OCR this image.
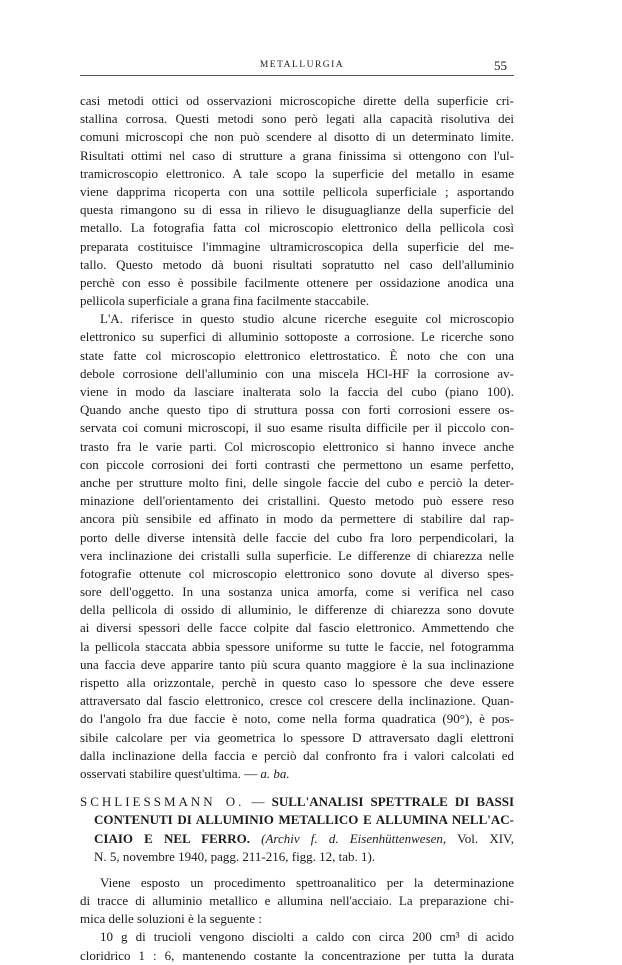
METALLURGIA	55
casi metodi ottici od osservazioni microscopiche dirette della superficie cri-
stallina corrosa. Questi metodi sono però legati alla capacità risolutiva dei
comuni microscopi che non può scendere al disotto di un determinato limite.
Risultati ottimi nel caso di strutture a grana finissima si ottengono con l'ul-
tramicroscopio elettronico. A tale scopo la superficie del metallo in esame
viene dapprima ricoperta con una sottile pellicola superficiale ; asportando
questa rimangono su di essa in rilievo le disuguaglianze della superficie del
metallo. La fotografia fatta col microscopio elettronico della pellicola così
preparata costituisce l'immagine ultramicroscopica della superficie del me-
tallo. Questo metodo dà buoni risultati sopratutto nel caso dell'alluminio
perchè con esso è possibile facilmente ottenere per ossidazione anodica una
pellicola superficiale a grana fina facilmente staccabile.
L'A. riferisce in questo studio alcune ricerche eseguite col microscopio
elettronico su superfici di alluminio sottoposte a corrosione. Le ricerche sono
state fatte col microscopio elettronico elettrostatico. È noto che con una
debole corrosione dell'alluminio con una miscela HCl-HF la corrosione av-
viene in modo da lasciare inalterata solo la faccia del cubo (piano 100).
Quando anche questo tipo di struttura possa con forti corrosioni essere os-
servata coi comuni microscopi, il suo esame risulta difficile per il piccolo con-
trasto fra le varie parti. Col microscopio elettronico si hanno invece anche
con piccole corrosioni dei forti contrasti che permettono un esame perfetto,
anche per strutture molto fini, delle singole faccie del cubo e perciò la deter-
minazione dell'orientamento dei cristallini. Questo metodo può essere reso
ancora più sensibile ed affinato in modo da permettere di stabilire dal rap-
porto delle diverse intensità delle faccie del cubo fra loro perpendicolari, la
vera inclinazione dei cristalli sulla superficie. Le differenze di chiarezza nelle
fotografie ottenute col microscopio elettronico sono dovute al diverso spes-
sore dell'oggetto. In una sostanza unica amorfa, come si verifica nel caso
della pellicola di ossido di alluminio, le differenze di chiarezza sono dovute
ai diversi spessori delle facce colpite dal fascio elettronico. Ammettendo che
la pellicola staccata abbia spessore uniforme su tutte le faccie, nel fotogramma
una faccia deve apparire tanto più scura quanto maggiore è la sua inclinazione
rispetto alla orizzontale, perchè in questo caso lo spessore che deve essere
attraversato dal fascio elettronico, cresce col crescere della inclinazione. Quan-
do l'angolo fra due faccie è noto, come nella forma quadratica (90°), è pos-
sibile calcolare per via geometrica lo spessore D attraversato dagli elettroni
dalla inclinazione della faccia e perciò dal confronto fra i valori calcolati ed
osservati stabilire quest'ultima. — a. ba.
SCHLIESSMANN O. — SULL'ANALISI SPETTRALE DI BASSI
CONTENUTI DI ALLUMINIO METALLICO E ALLUMINA NELL'AC-
CIAIO E NEL FERRO. (Archiv f. d. Eisenhüttenwesen, Vol. XIV,
N. 5, novembre 1940, pagg. 211-216, figg. 12, tab. 1).
Viene esposto un procedimento spettroanalitico per la determinazione
di tracce di alluminio metallico e allumina nell'acciaio. La preparazione chi-
mica delle soluzioni è la seguente :
10 g di trucioli vengono disciolti a caldo con circa 200 cm³ di acido
cloridrico 1 : 6, mantenendo costante la concentrazione per tutta la durata
